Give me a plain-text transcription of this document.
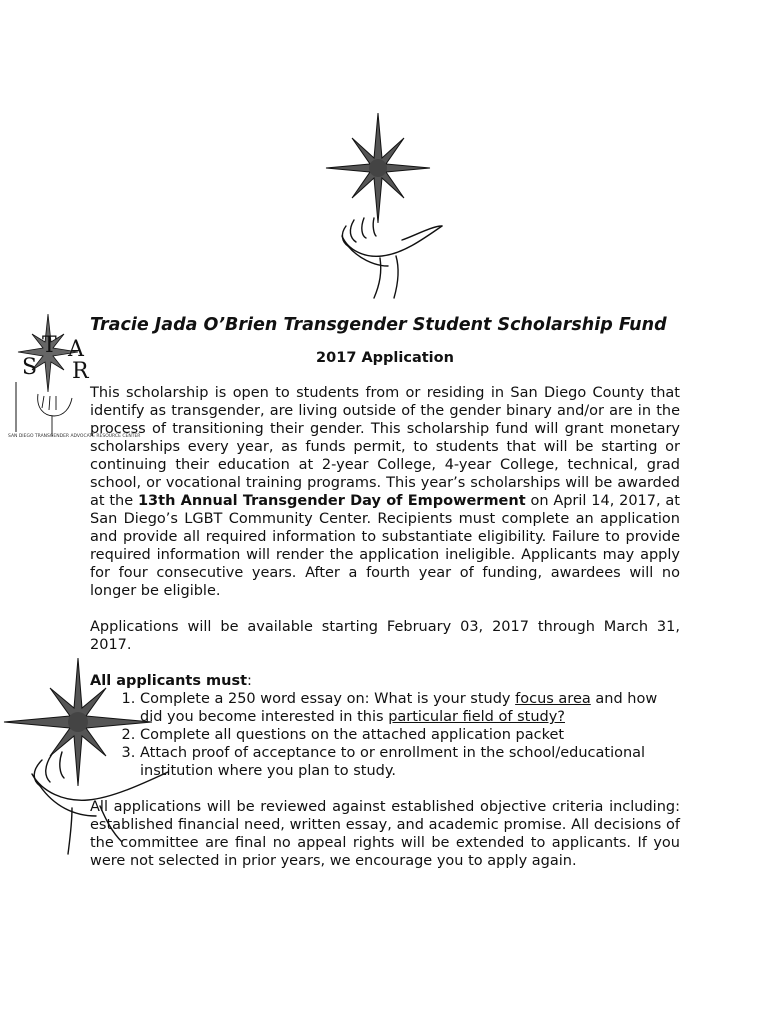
S
T A
R
SAN DIEGO TRANSGENDER ADVOCATE RESOURCE CENTER
Tracie Jada O’Brien Transgender Student Scholarship Fund
2017 Application

This scholarship is open to students from or residing in San Diego County that identify as transgender, are living outside of the gender binary and/or are in the process of transitioning their gender. This scholarship fund will grant monetary scholarships every year, as funds permit, to students that will be starting or continuing their education at 2-year College, 4-year College, technical, grad school, or vocational training programs. This year’s scholarships will be awarded at the 13th Annual Transgender Day of Empowerment on April 14, 2017, at San Diego’s LGBT Community Center. Recipients must complete an application and provide all required information to substantiate eligibility. Failure to provide required information will render the application ineligible. Applicants may apply for four consecutive years. After a fourth year of funding, awardees will no longer be eligible.

Applications will be available starting February 03, 2017 through March 31, 2017.

All applicants must:
1. Complete a 250 word essay on: What is your study focus area and how did you become interested in this particular field of study?
2. Complete all questions on the attached application packet
3. Attach proof of acceptance to or enrollment in the school/educational institution where you plan to study.

All applications will be reviewed against established objective criteria including: established financial need, written essay, and academic promise. All decisions of the committee are final no appeal rights will be extended to applicants. If you were not selected in prior years, we encourage you to apply again.
